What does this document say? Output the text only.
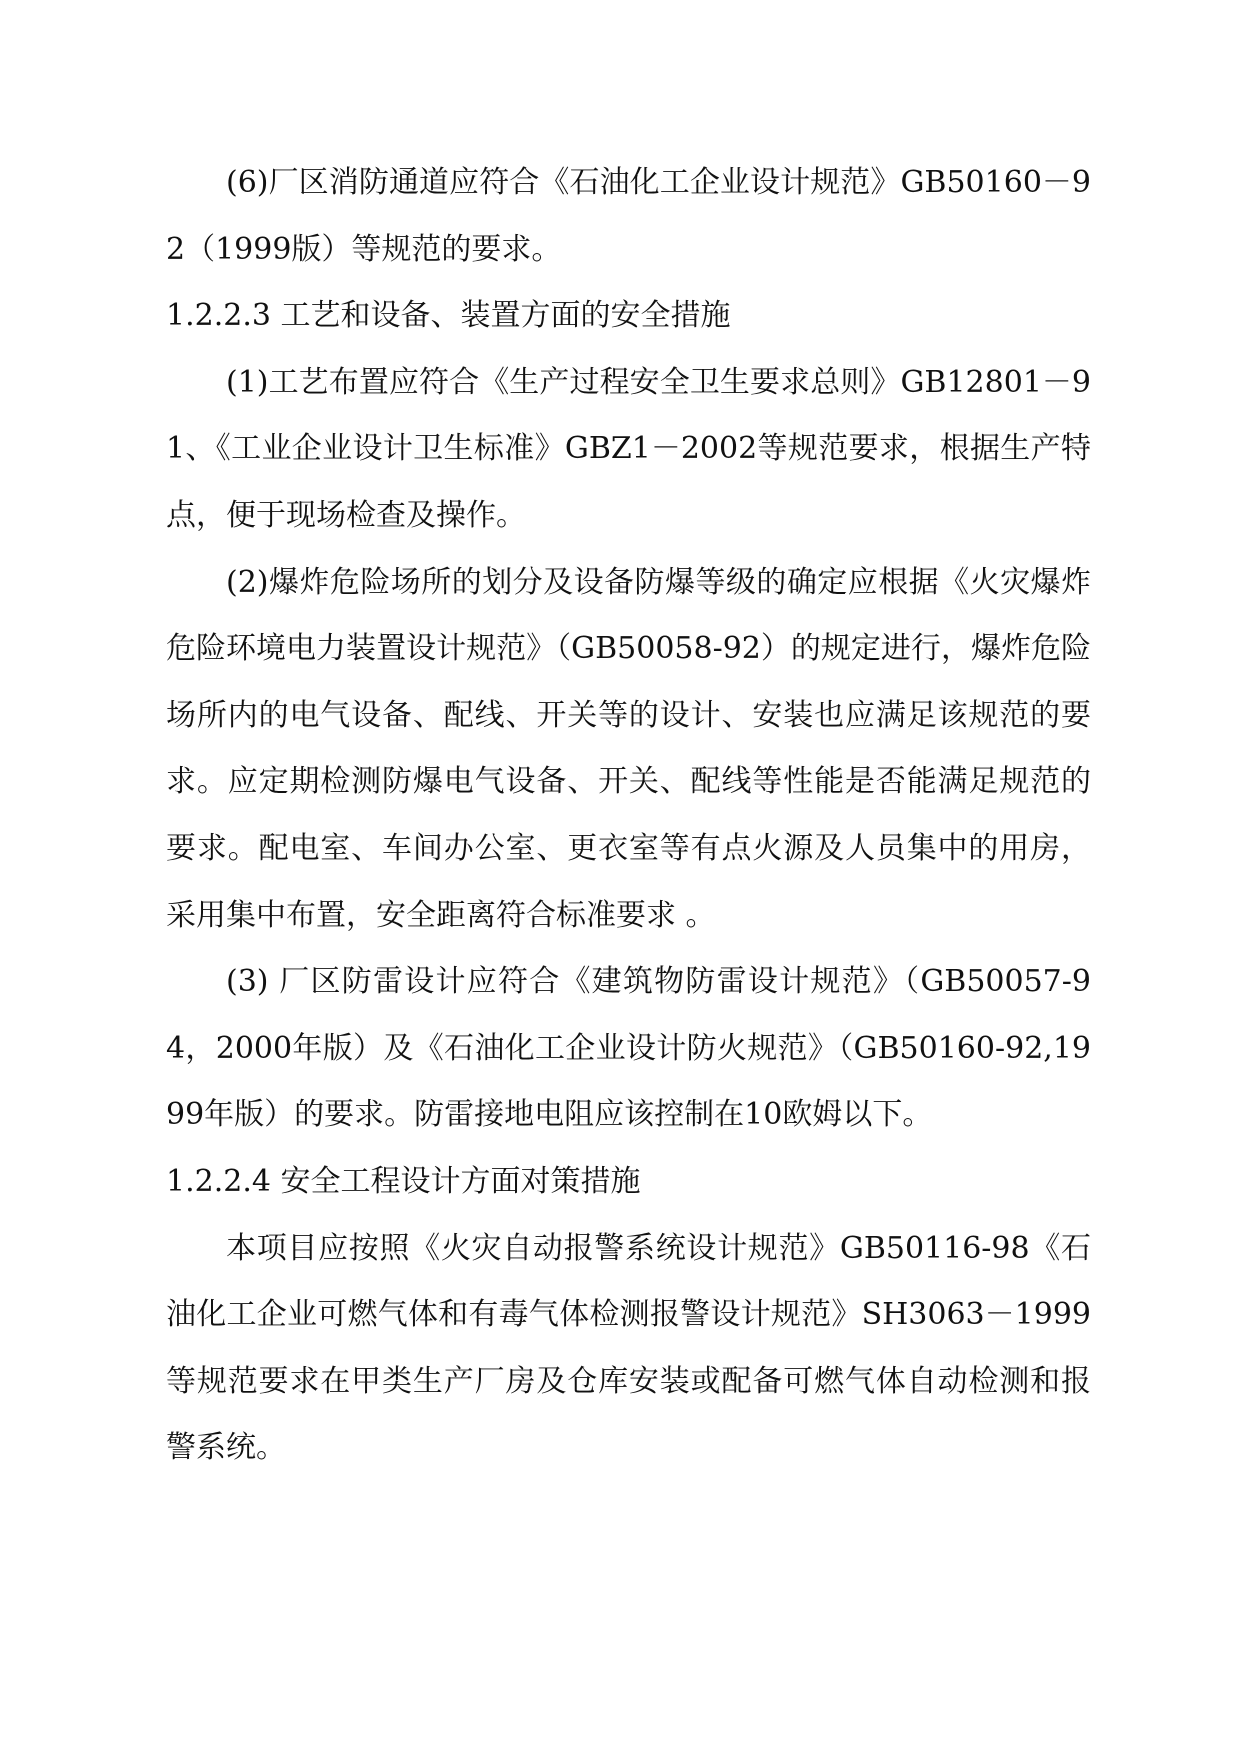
(6)厂区消防通道应符合《石油化工企业设计规范》GB50160－92（1999版）等规范的要求。

1.2.2.3 工艺和设备、装置方面的安全措施

(1)工艺布置应符合《生产过程安全卫生要求总则》GB12801－91、《工业企业设计卫生标准》GBZ1－2002等规范要求，根据生产特点，便于现场检查及操作。

(2)爆炸危险场所的划分及设备防爆等级的确定应根据《火灾爆炸危险环境电力装置设计规范》（GB50058-92）的规定进行，爆炸危险场所内的电气设备、配线、开关等的设计、安装也应满足该规范的要求。应定期检测防爆电气设备、开关、配线等性能是否能满足规范的要求。配电室、车间办公室、更衣室等有点火源及人员集中的用房，采用集中布置，安全距离符合标准要求 。

(3) 厂区防雷设计应符合《建筑物防雷设计规范》（GB50057-94，2000年版）及《石油化工企业设计防火规范》（GB50160-92,1999年版）的要求。防雷接地电阻应该控制在10欧姆以下。

1.2.2.4 安全工程设计方面对策措施

本项目应按照《火灾自动报警系统设计规范》GB50116-98《石油化工企业可燃气体和有毒气体检测报警设计规范》SH3063－1999等规范要求在甲类生产厂房及仓库安装或配备可燃气体自动检测和报警系统。
